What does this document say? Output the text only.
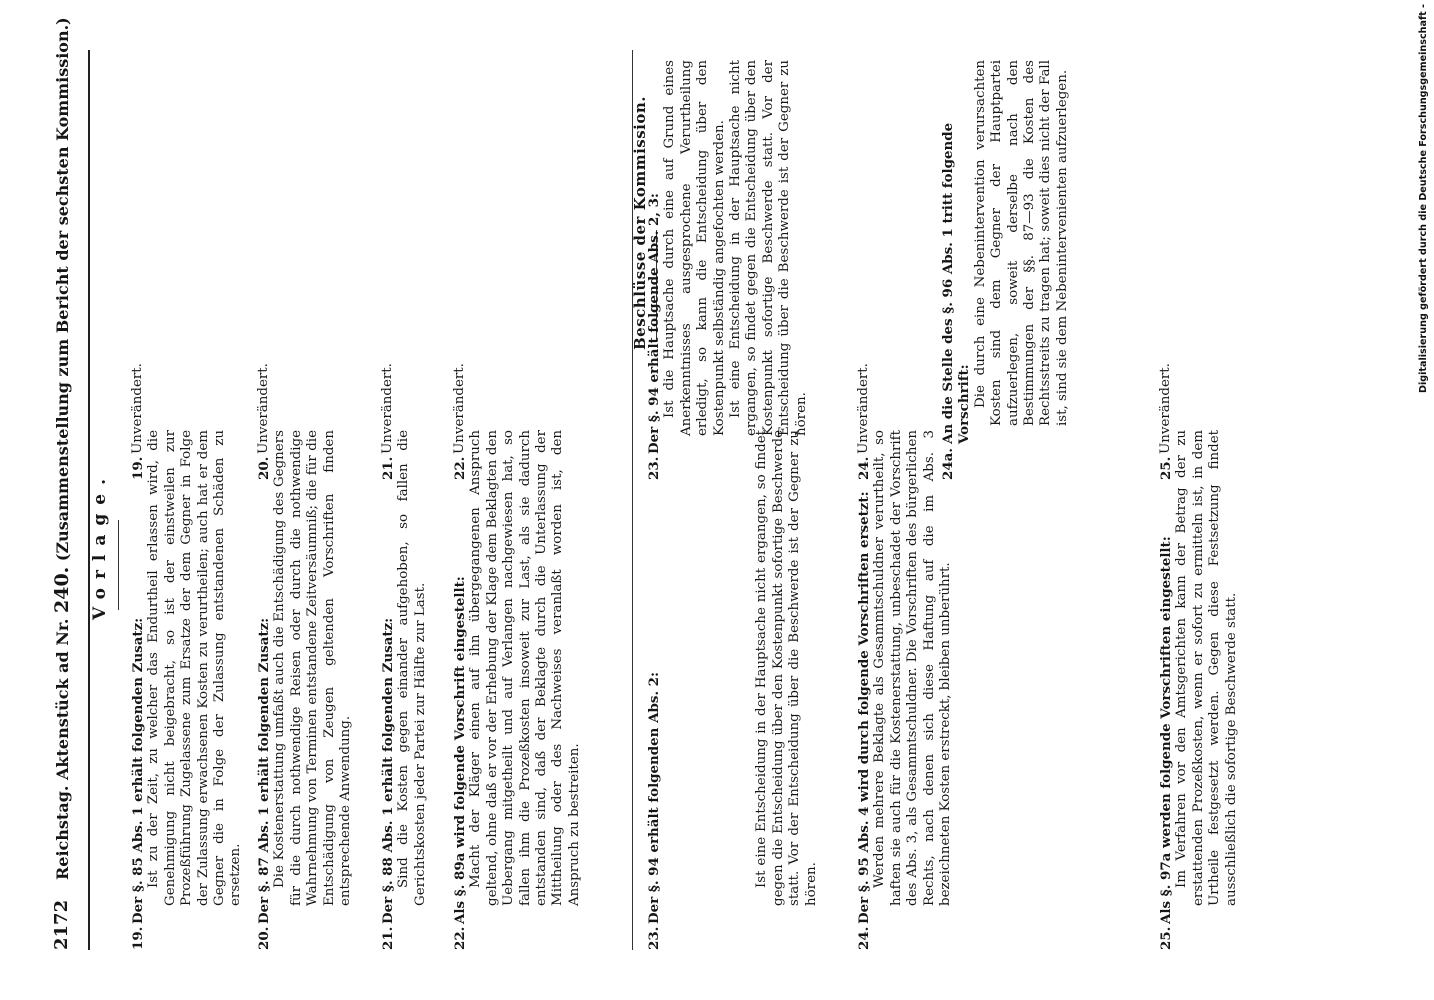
2172
Reichstag. Aktenstück ad Nr. 240. (Zusammenstellung zum Bericht der sechsten Kommission.) Vorlage.
19.
Der §. 85 Abs. 1 erhält folgenden Zusatz: Ist zu der Zeit, zu welcher das Endurtheil erlassen wird, die Genehmigung nicht beigebracht, so ist der einstweilen zur Prozeßführung Zugelassene zum Ersatze der dem Gegner in Folge der Zulassung erwachsenen Kosten zu verurtheilen; auch hat er dem Gegner die in Folge der Zulassung entstandenen Schäden zu ersetzen.
20.
Der §. 87 Abs. 1 erhält folgenden Zusatz: Die Kostenerstattung umfaßt auch die Entschädigung des Gegners für die durch nothwendige Reisen oder durch die nothwendige Wahrnehmung von Terminen entstandene Zeitversäumniß; die für die Entschädigung von Zeugen geltenden Vorschriften finden entsprechende Anwendung.
21.
Der §. 88 Abs. 1 erhält folgenden Zusatz: Sind die Kosten gegen einander aufgehoben, so fallen die Gerichtskosten jeder Partei zur Hälfte zur Last.
22.
Als §. 89a wird folgende Vorschrift eingestellt: Macht der Kläger einen auf ihn übergegangenen Anspruch geltend, ohne daß er vor der Erhebung der Klage dem Beklagten den Uebergang mitgetheilt und auf Verlangen nachgewiesen hat, so fallen ihm die Prozeßkosten insoweit zur Last, als sie dadurch entstanden sind, daß der Beklagte durch die Unterlassung der Mittheilung oder des Nachweises veranlaßt worden ist, den Anspruch zu bestreiten.
23.
Der §. 94 erhält folgenden Abs. 2:	Ist eine Entscheidung in der Hauptsache nicht ergangen, so findet gegen die Entscheidung über den Kostenpunkt sofortige Beschwerde statt. Vor der Entscheidung über die Beschwerde ist der Gegner zu hören.
24.
Der §. 95 Abs. 4 wird durch folgende Vorschriften ersetzt: Werden mehrere Beklagte als Gesammtschuldner verurtheilt, so haften sie auch für die Kostenerstattung, unbeschadet der Vorschrift des Abs. 3, als Gesammtschuldner. Die Vorschriften des bürgerlichen Rechts, nach denen sich diese Haftung auf die im Abs. 3 bezeichneten Kosten erstreckt, bleiben unberührt.
25.
Als §. 97a werden folgende Vorschriften eingestellt: Im Verfahren vor den Amtsgerichten kann der Betrag der zu erstattenden Prozeßkosten, wenn er sofort zu ermitteln ist, in dem Urtheile festgesetzt werden. Gegen diese Festsetzung findet ausschließlich die sofortige Beschwerde statt.
Beschlüsse der Kommission.
19.
Unverändert.
20.
Unverändert.
21.
Unverändert.
22.
Unverändert.
23.
Der §. 94 erhält folgende Abs. 2, 3: Ist die Hauptsache durch eine auf Grund eines Anerkenntnisses ausgesprochene Verurtheilung erledigt, so kann die Entscheidung über den Kostenpunkt selbständig angefochten werden. Ist eine Entscheidung in der Hauptsache nicht ergangen, so findet gegen die Entscheidung über den Kostenpunkt sofortige Beschwerde statt. Vor der Entscheidung über die Beschwerde ist der Gegner zu hören.
24.
Unverändert.
24a.
An die Stelle des §. 96 Abs. 1 tritt folgende Vorschrift: Die durch eine Nebenintervention verursachten Kosten sind dem Gegner der Hauptpartei aufzuerlegen, soweit derselbe nach den Bestimmungen der §§. 87—93 die Kosten des Rechtsstreits zu tragen hat; soweit dies nicht der Fall ist, sind sie dem Nebenintervenienten aufzuerlegen.
25.
Unverändert.
Digitalisierung gefördert durch die Deutsche Forschungsgemeinschaft -
